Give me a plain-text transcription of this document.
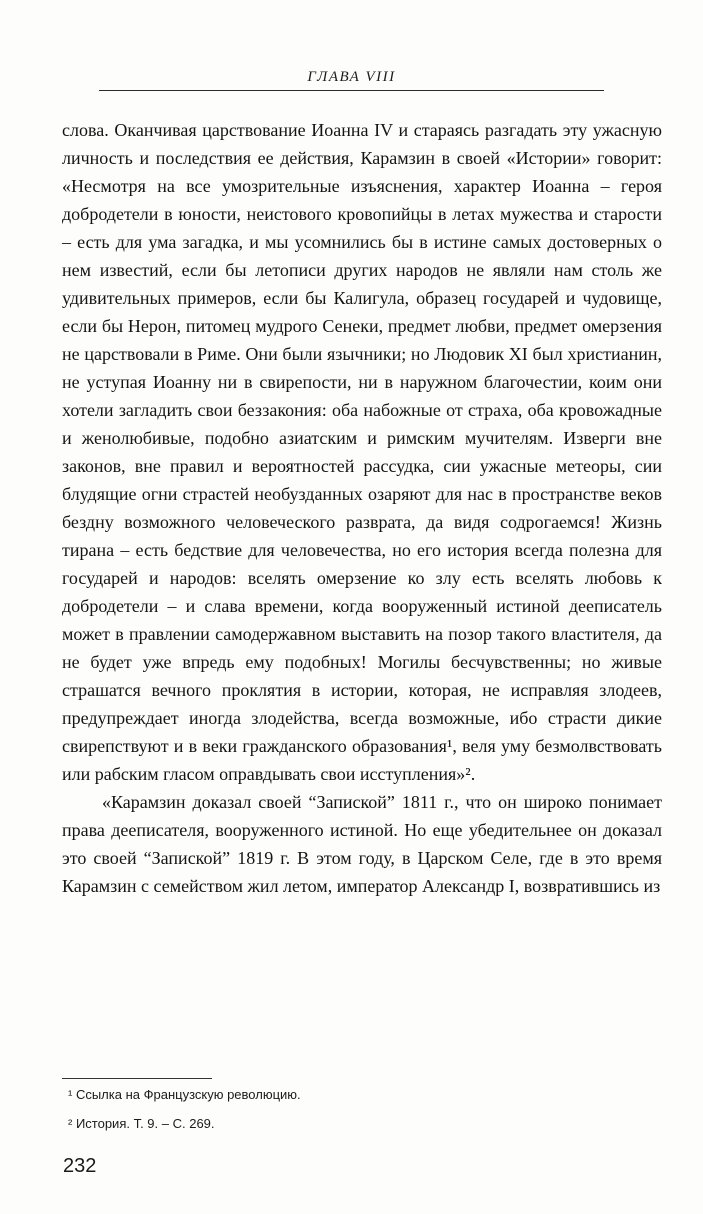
ГЛАВА VIII

слова. Оканчивая царствование Иоанна IV и стараясь разгадать эту ужасную личность и последствия ее действия, Карамзин в своей «Истории» говорит: «Несмотря на все умозрительные изъяснения, характер Иоанна – героя добродетели в юности, неистового кровопийцы в летах мужества и старости – есть для ума загадка, и мы усомнились бы в истине самых достоверных о нем известий, если бы летописи других народов не являли нам столь же удивительных примеров, если бы Калигула, образец государей и чудовище, если бы Нерон, питомец мудрого Сенеки, предмет любви, предмет омерзения не царствовали в Риме. Они были язычники; но Людовик XI был христианин, не уступая Иоанну ни в свирепости, ни в наружном благочестии, коим они хотели загладить свои беззакония: оба набожные от страха, оба кровожадные и женолюбивые, подобно азиатским и римским мучителям. Изверги вне законов, вне правил и вероятностей рассудка, сии ужасные метеоры, сии блудящие огни страстей необузданных озаряют для нас в пространстве веков бездну возможного человеческого разврата, да видя содрогаемся! Жизнь тирана – есть бедствие для человечества, но его история всегда полезна для государей и народов: вселять омерзение ко злу есть вселять любовь к добродетели – и слава времени, когда вооруженный истиной дееписатель может в правлении самодержавном выставить на позор такого властителя, да не будет уже впредь ему подобных! Могилы бесчувственны; но живые страшатся вечного проклятия в истории, которая, не исправляя злодеев, предупреждает иногда злодейства, всегда возможные, ибо страсти дикие свирепствуют и в веки гражданского образования¹, веля уму безмолвствовать или рабским гласом оправдывать свои исступления»².

«Карамзин доказал своей “Запиской” 1811 г., что он широко понимает права дееписателя, вооруженного истиной. Но еще убедительнее он доказал это своей “Запиской” 1819 г. В этом году, в Царском Селе, где в это время Карамзин с семейством жил летом, император Александр I, возвратившись из

¹ Ссылка на Французскую революцию.

² История. Т. 9. – С. 269.

232
